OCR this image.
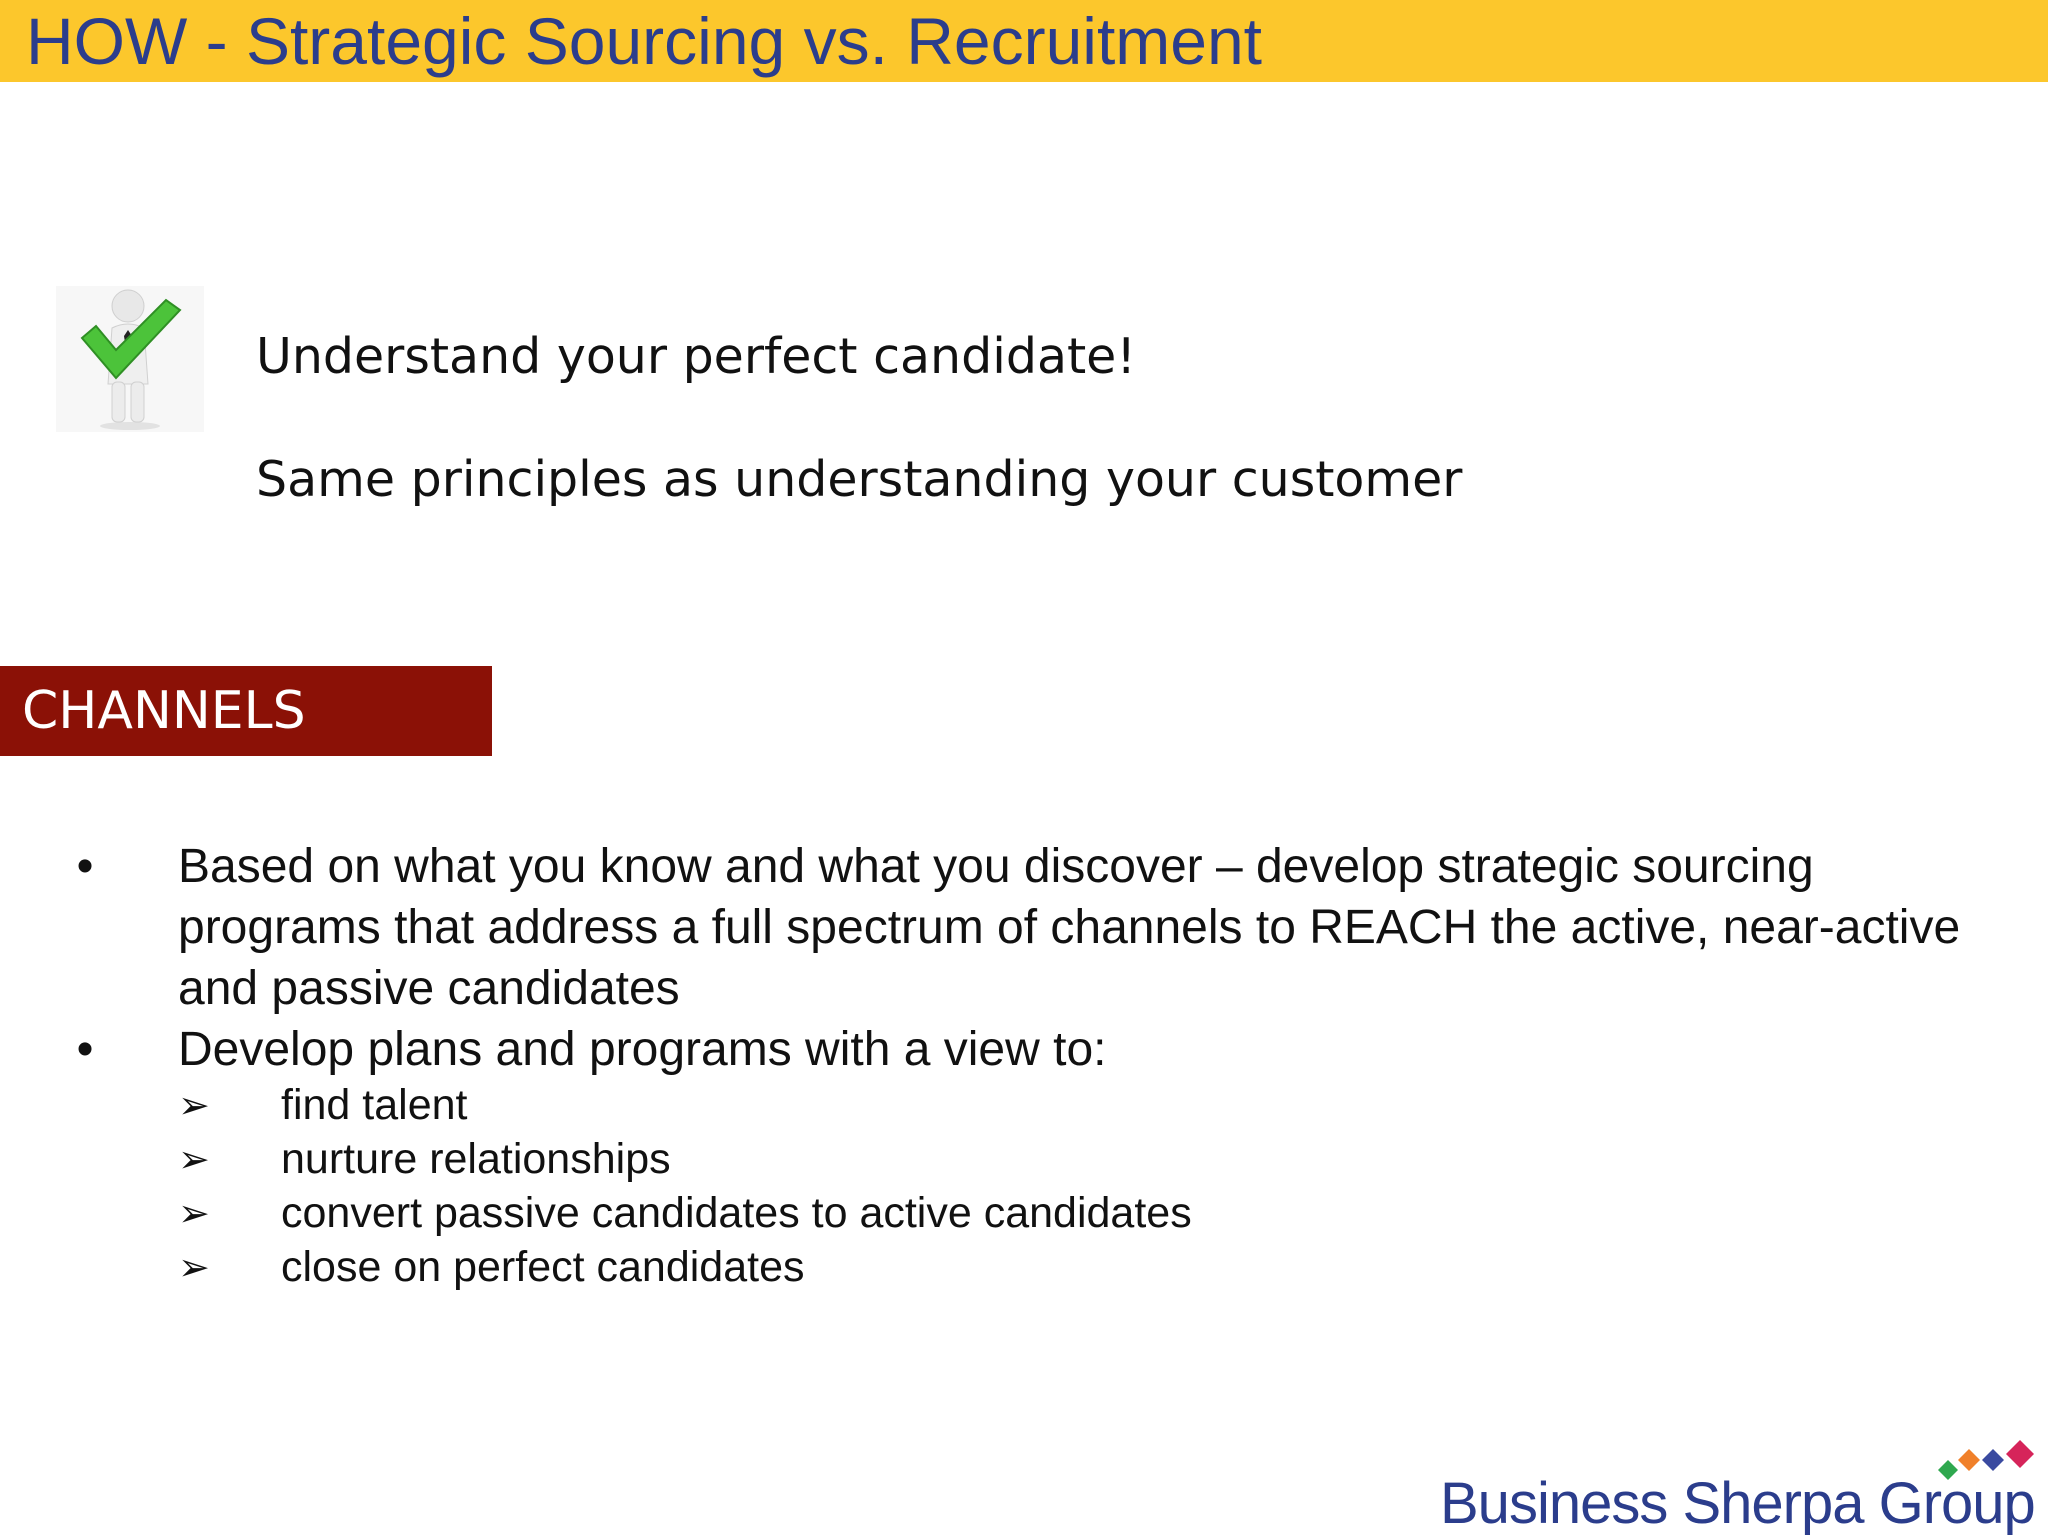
HOW - Strategic Sourcing vs. Recruitment
Understand your perfect candidate!
Same principles as understanding your customer
CHANNELS
• Based on what you know and what you discover – develop strategic sourcing programs that address a full spectrum of channels to REACH the active, near-active and passive candidates
• Develop plans and programs with a view to:
➢ find talent
➢ nurture relationships
➢ convert passive candidates to active candidates
➢ close on perfect candidates
Business Sherpa Group
